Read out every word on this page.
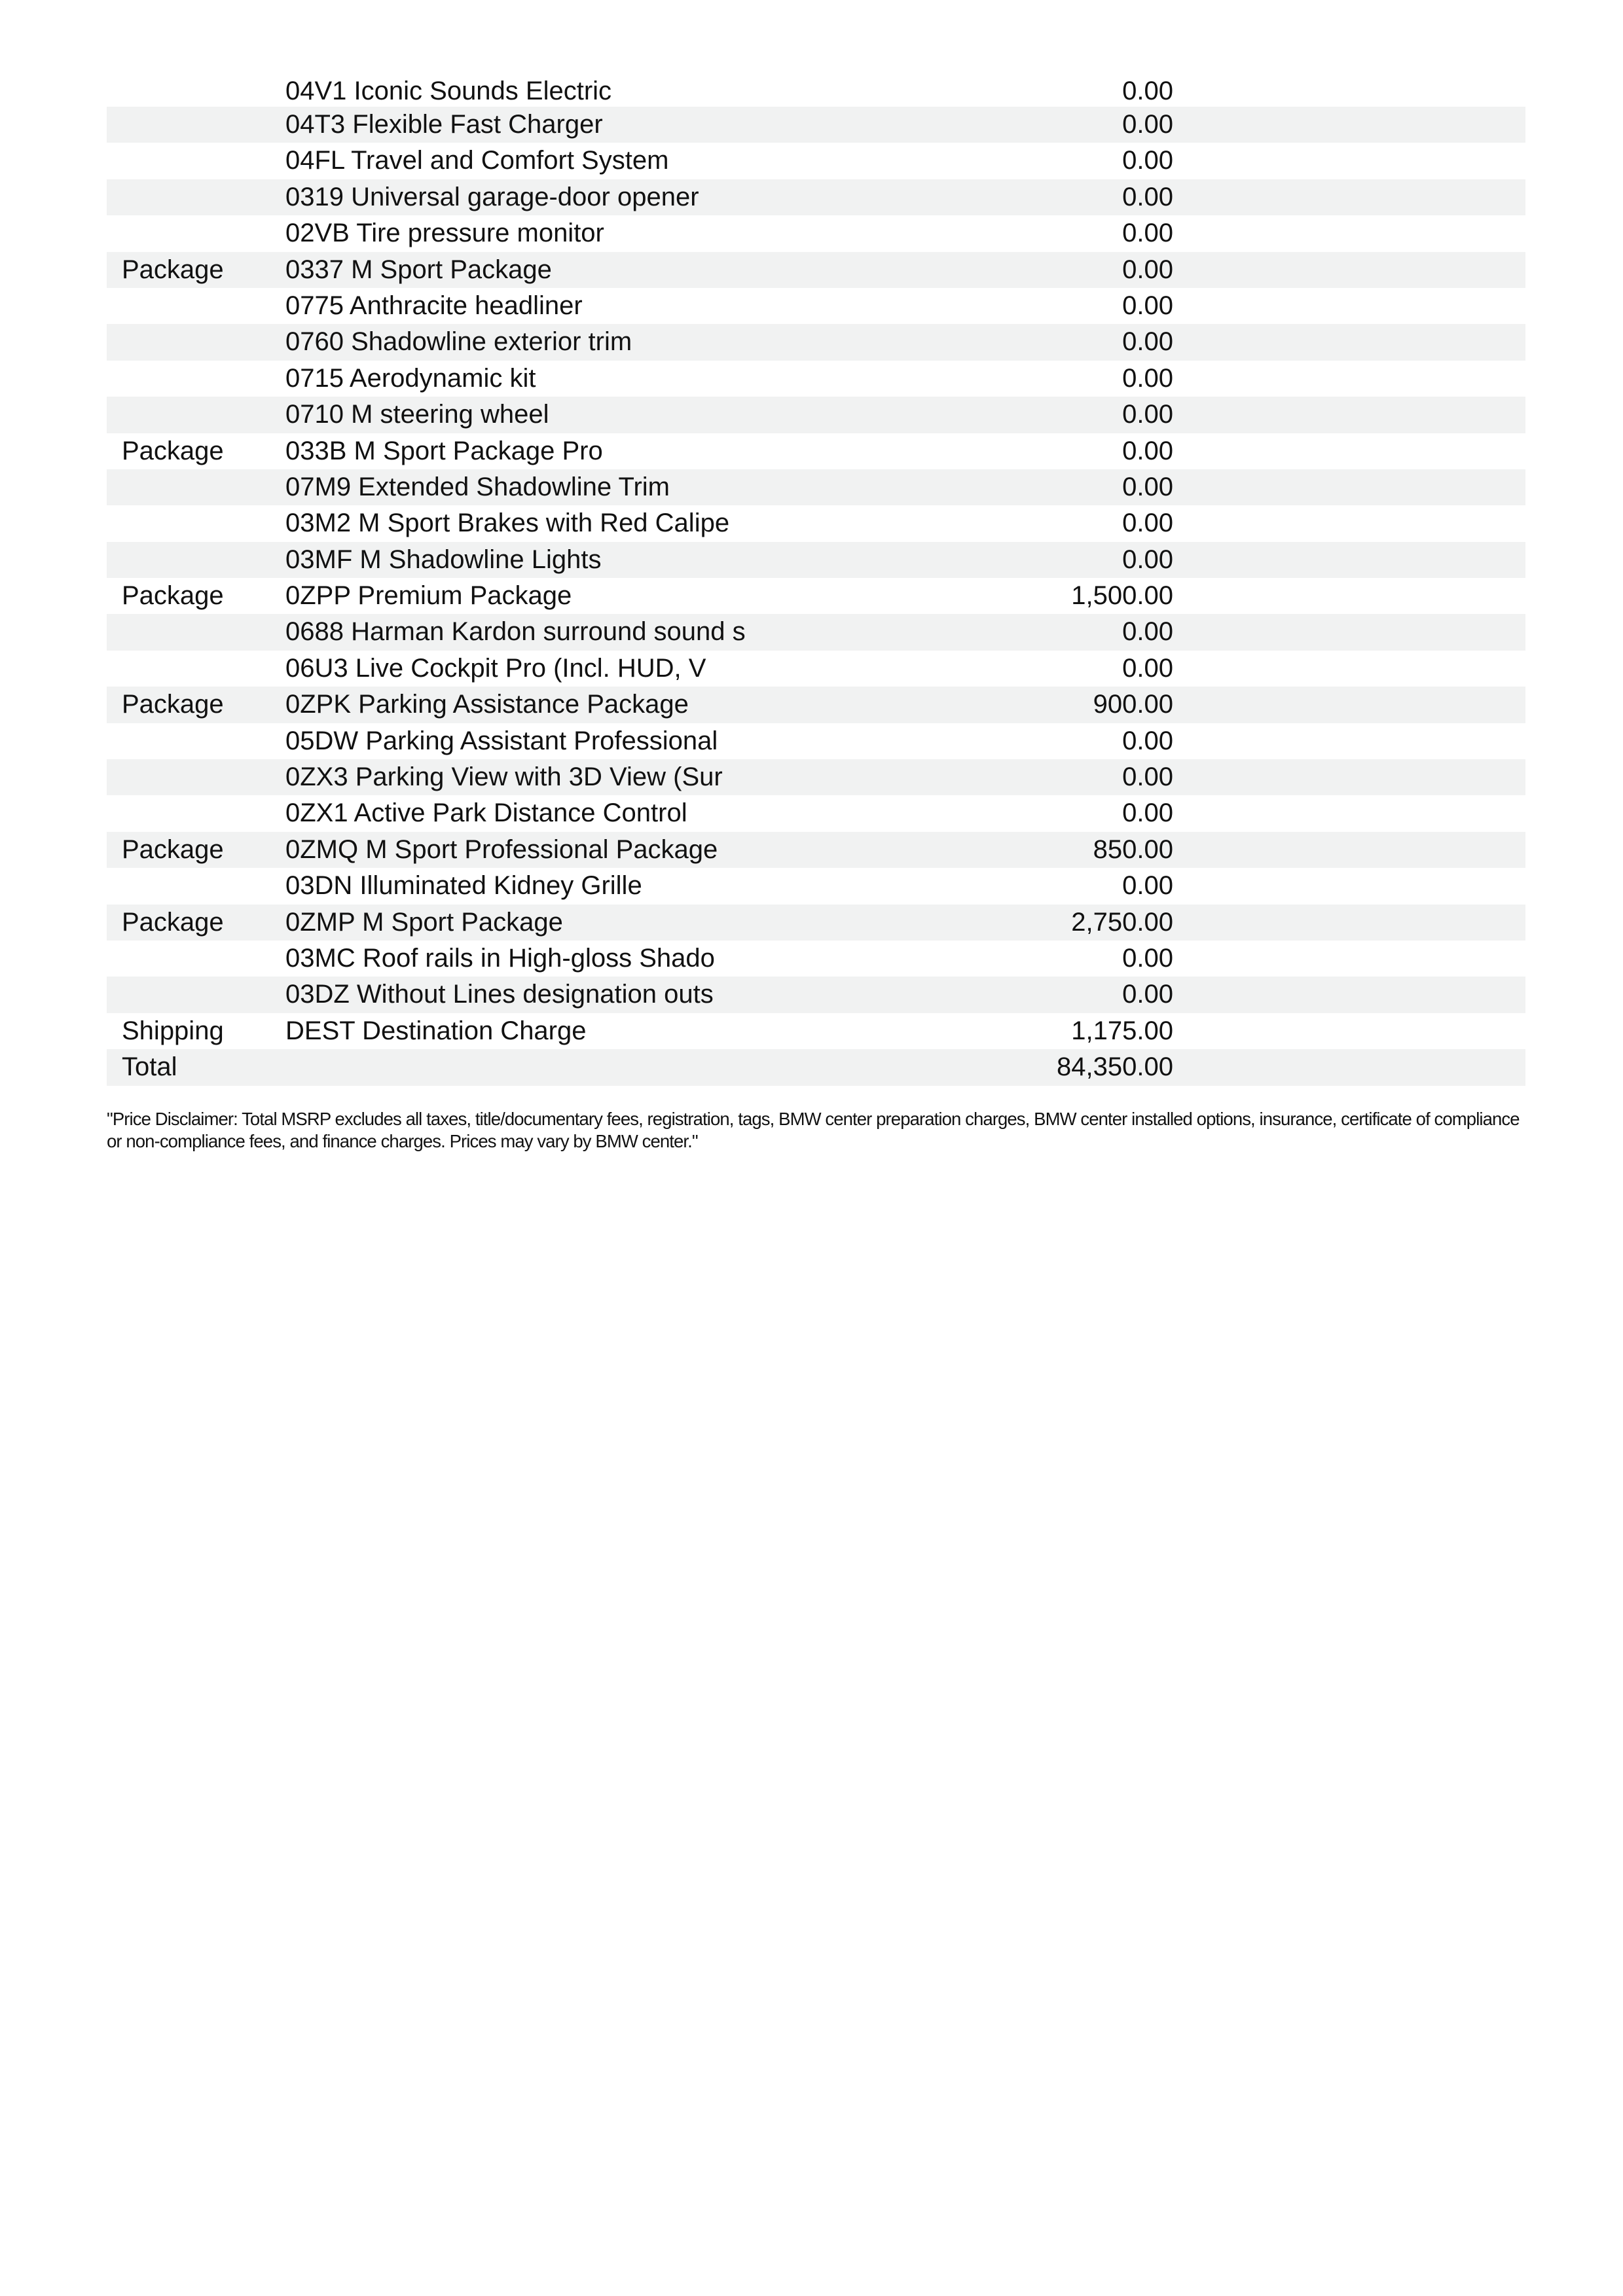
04V1 Iconic Sounds Electric	0.00
04T3 Flexible Fast Charger	0.00
04FL Travel and Comfort System	0.00
0319 Universal garage-door opener	0.00
02VB Tire pressure monitor	0.00
Package 0337 M Sport Package	0.00
0775 Anthracite headliner	0.00
0760 Shadowline exterior trim	0.00
0715 Aerodynamic kit	0.00
0710 M steering wheel	0.00
Package 033B M Sport Package Pro	0.00
07M9 Extended Shadowline Trim	0.00
03M2 M Sport Brakes with Red Calipe	0.00
03MF M Shadowline Lights	0.00
Package 0ZPP Premium Package	1,500.00
0688 Harman Kardon surround sound s	0.00
06U3 Live Cockpit Pro (Incl. HUD, V	0.00
Package 0ZPK Parking Assistance Package	900.00
05DW Parking Assistant Professional	0.00
0ZX3 Parking View with 3D View (Sur	0.00
0ZX1 Active Park Distance Control	0.00
Package 0ZMQ M Sport Professional Package	850.00
03DN Illuminated Kidney Grille	0.00
Package 0ZMP M Sport Package	2,750.00
03MC Roof rails in High-gloss Shado	0.00
03DZ Without Lines designation outs	0.00
Shipping DEST Destination Charge	1,175.00
Total	84,350.00
"Price Disclaimer: Total MSRP excludes all taxes, title/documentary fees, registration, tags, BMW center preparation charges, BMW center installed options, insurance, certificate of compliance or non-compliance fees, and finance charges. Prices may vary by BMW center."
